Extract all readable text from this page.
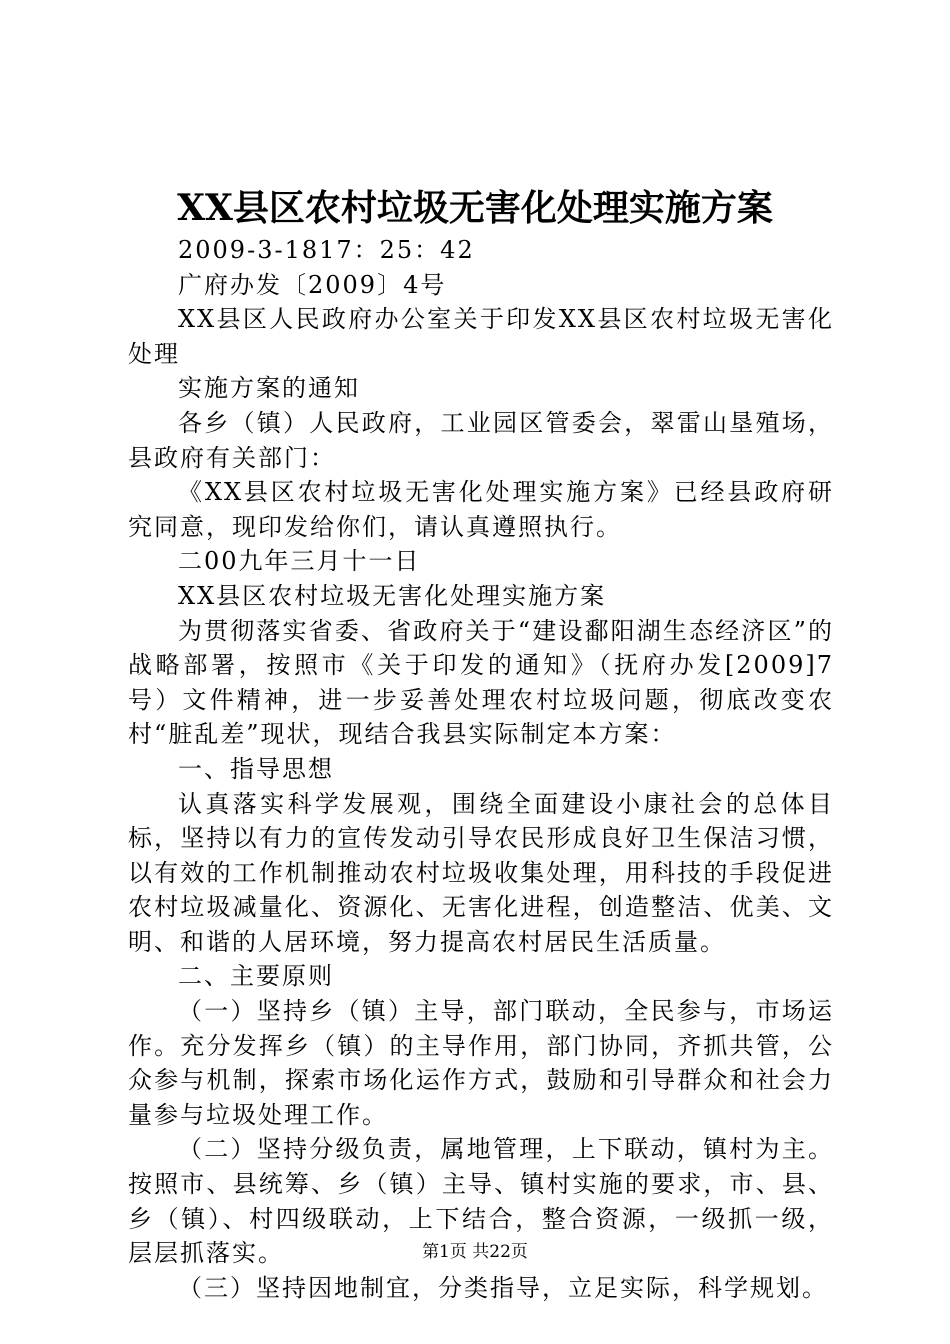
XX县区农村垃圾无害化处理实施方案

2009-3-1817：25：42

广府办发〔2009〕4号

XX县区人民政府办公室关于印发XX县区农村垃圾无害化处理

实施方案的通知

各乡（镇）人民政府，工业园区管委会，翠雷山垦殖场，县政府有关部门：

《XX县区农村垃圾无害化处理实施方案》已经县政府研究同意，现印发给你们，请认真遵照执行。

二00九年三月十一日

XX县区农村垃圾无害化处理实施方案

为贯彻落实省委、省政府关于“建设鄱阳湖生态经济区”的战略部署，按照市《关于印发的通知》（抚府办发[2009]7号）文件精神，进一步妥善处理农村垃圾问题，彻底改变农村“脏乱差”现状，现结合我县实际制定本方案：

一、指导思想

认真落实科学发展观，围绕全面建设小康社会的总体目标，坚持以有力的宣传发动引导农民形成良好卫生保洁习惯，以有效的工作机制推动农村垃圾收集处理，用科技的手段促进农村垃圾减量化、资源化、无害化进程，创造整洁、优美、文明、和谐的人居环境，努力提高农村居民生活质量。

二、主要原则

（一）坚持乡（镇）主导，部门联动，全民参与，市场运作。充分发挥乡（镇）的主导作用，部门协同，齐抓共管，公众参与机制，探索市场化运作方式，鼓励和引导群众和社会力量参与垃圾处理工作。

（二）坚持分级负责，属地管理，上下联动，镇村为主。按照市、县统筹、乡（镇）主导、镇村实施的要求，市、县、乡（镇）、村四级联动，上下结合，整合资源，一级抓一级，层层抓落实。

（三）坚持因地制宜，分类指导，立足实际，科学规划。

第1页 共22页
